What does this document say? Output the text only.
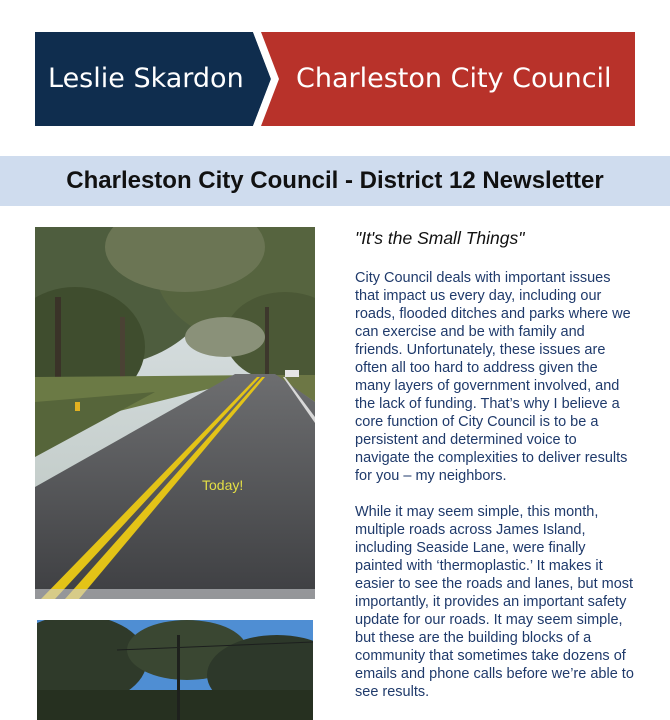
Leslie Skardon Charleston City Council
Charleston City Council - District 12 Newsletter
Today!

"It's the Small Things"

City Council deals with important issues that impact us every day, including our roads, flooded ditches and parks where we can exercise and be with family and friends. Unfortunately, these issues are often all too hard to address given the many layers of government involved, and the lack of funding. That’s why I believe a core function of City Council is to be a persistent and determined voice to navigate the complexities to deliver results for you – my neighbors.

While it may seem simple, this month, multiple roads across James Island, including Seaside Lane, were finally painted with ‘thermoplastic.’ It makes it easier to see the roads and lanes, but most importantly, it provides an important safety update for our roads. It may seem simple, but these are the building blocks of a community that sometimes take dozens of emails and phone calls before we’re able to see results.
